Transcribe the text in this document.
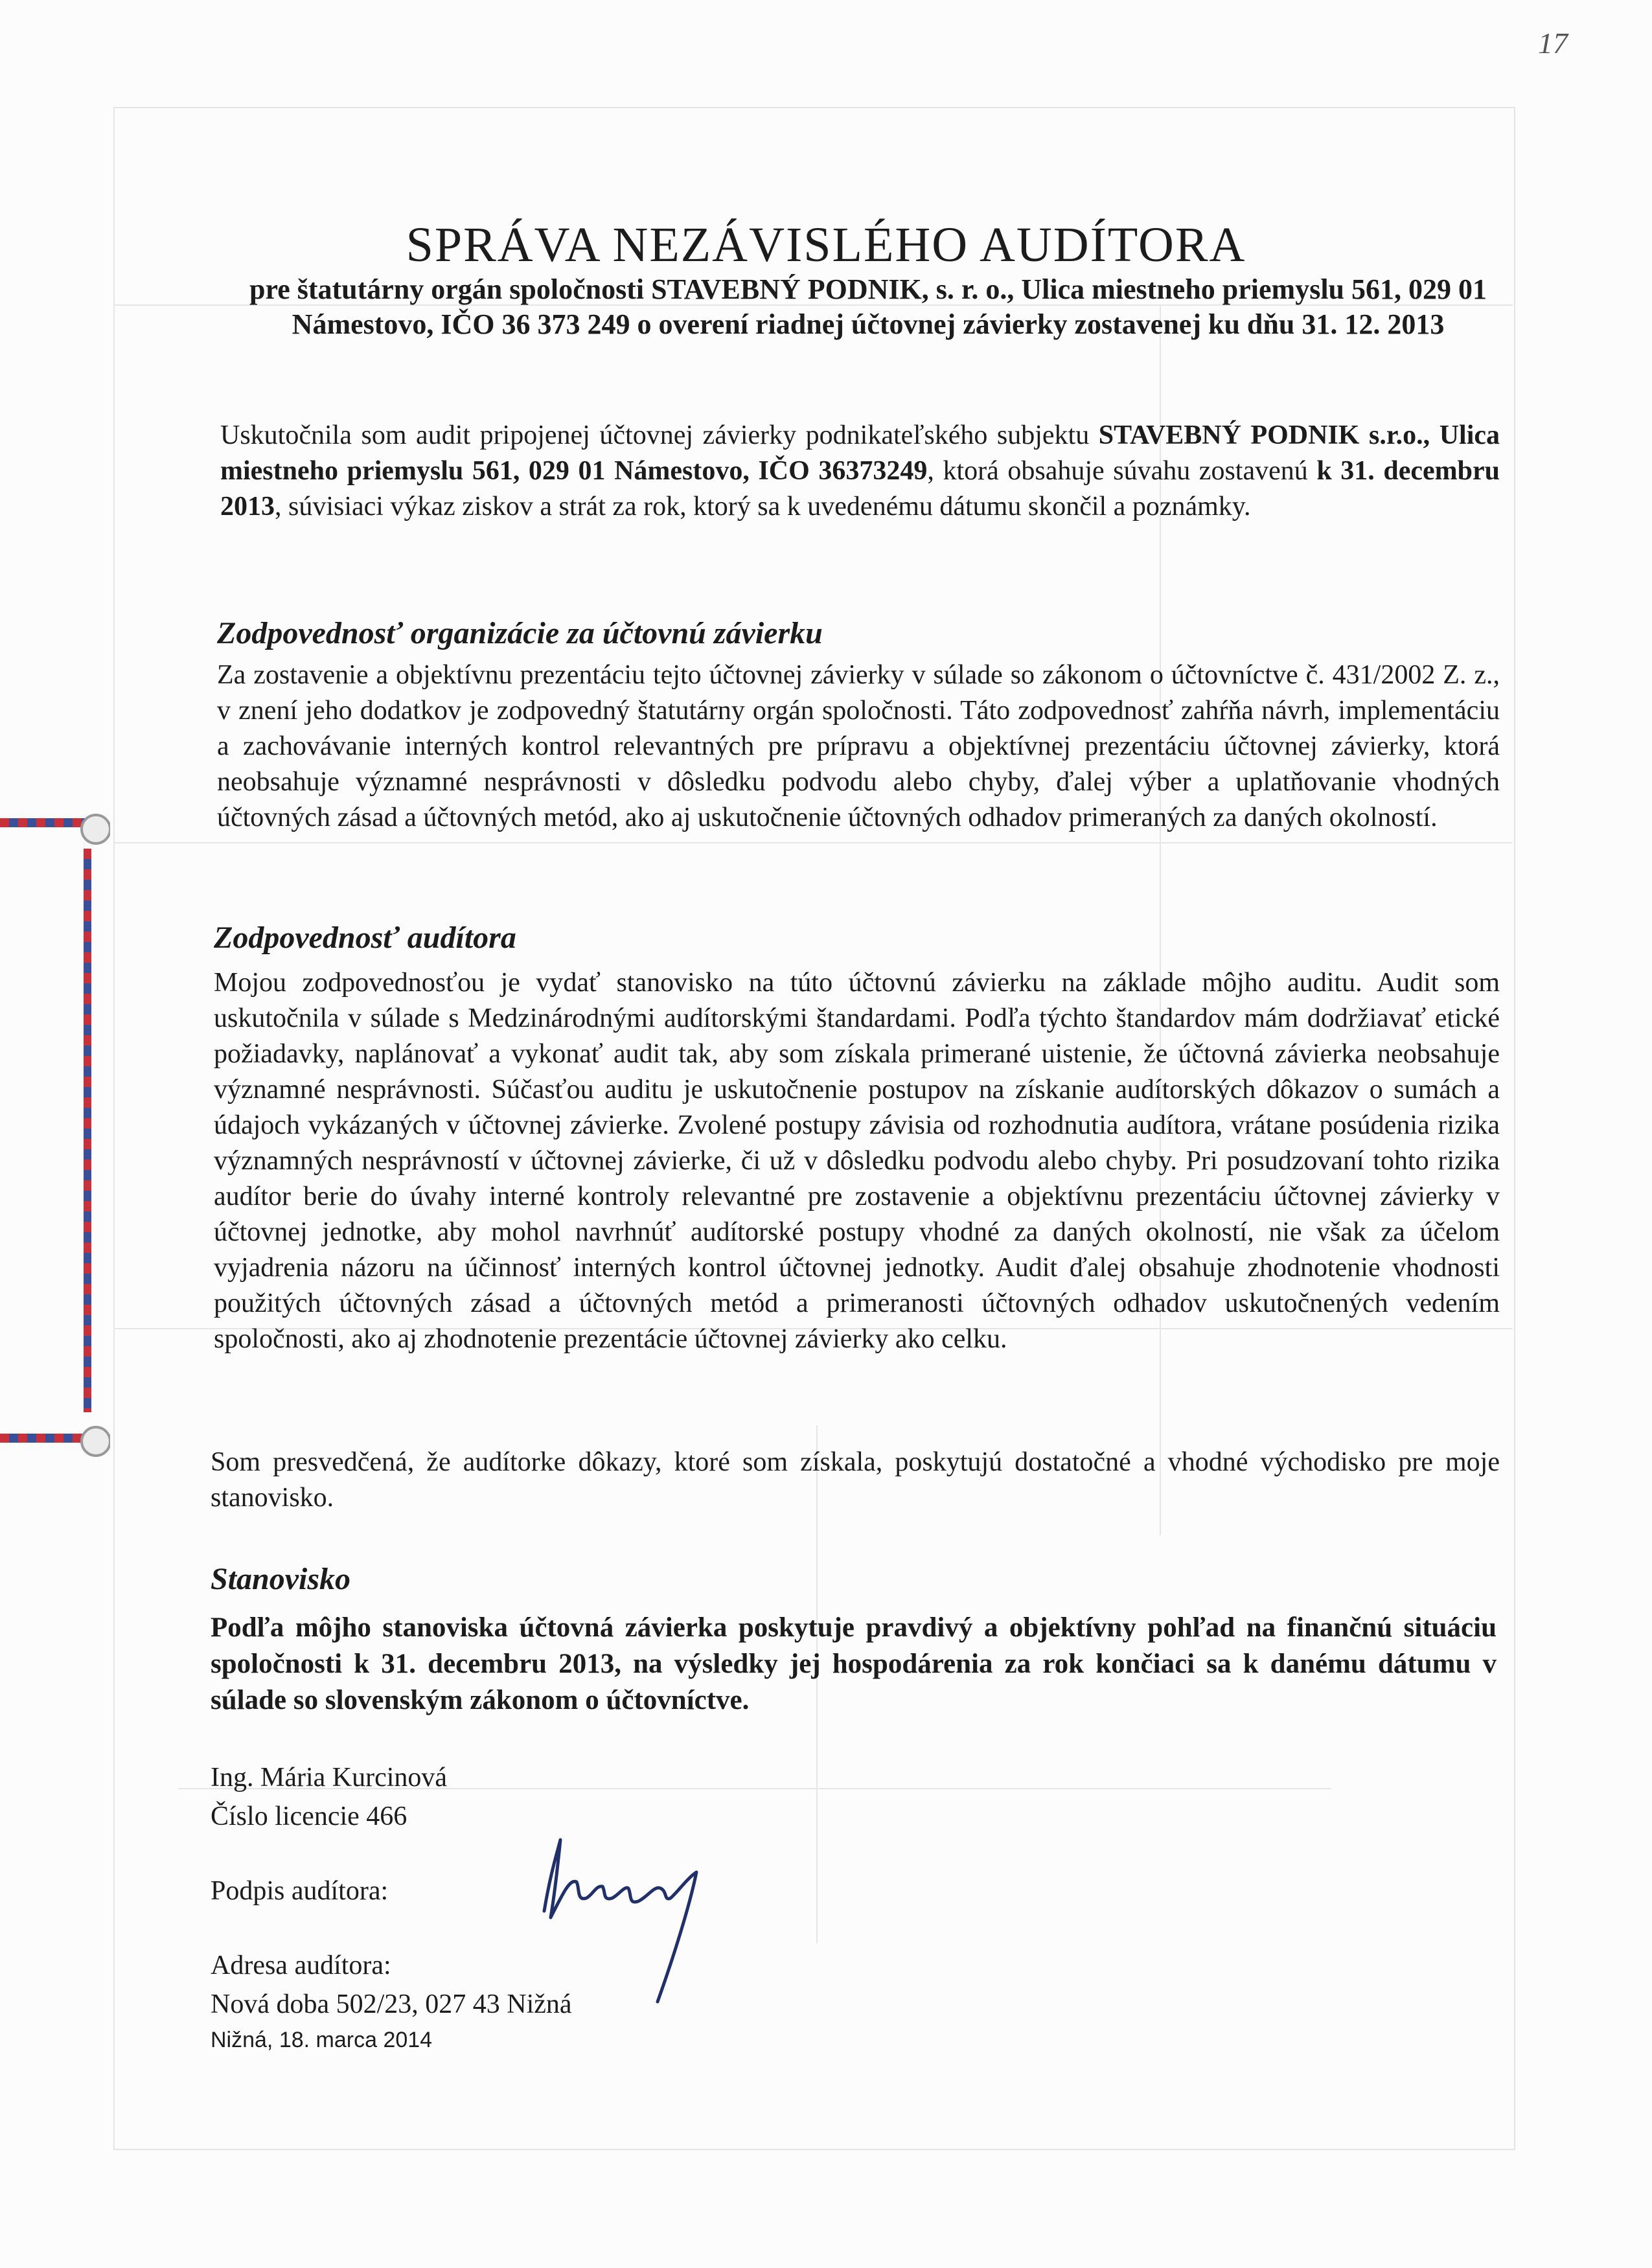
17
SPRÁVA NEZÁVISLÉHO AUDÍTORA
pre štatutárny orgán spoločnosti STAVEBNÝ PODNIK, s. r. o., Ulica miestneho priemyslu 561, 029 01 Námestovo, IČO 36 373 249 o overení riadnej účtovnej závierky zostavenej ku dňu 31. 12. 2013

Uskutočnila som audit pripojenej účtovnej závierky podnikateľského subjektu STAVEBNÝ PODNIK s.r.o., Ulica miestneho priemyslu 561, 029 01 Námestovo, IČO 36373249, ktorá obsahuje súvahu zostavenú k 31. decembru 2013, súvisiaci výkaz ziskov a strát za rok, ktorý sa k uvedenému dátumu skončil a poznámky.

Zodpovednosť organizácie za účtovnú závierku

Za zostavenie a objektívnu prezentáciu tejto účtovnej závierky v súlade so zákonom o účtovníctve č. 431/2002 Z. z., v znení jeho dodatkov je zodpovedný štatutárny orgán spoločnosti. Táto zodpovednosť zahŕňa návrh, implementáciu a zachovávanie interných kontrol relevantných pre prípravu a objektívnej prezentáciu účtovnej závierky, ktorá neobsahuje významné nesprávnosti v dôsledku podvodu alebo chyby, ďalej výber a uplatňovanie vhodných účtovných zásad a účtovných metód, ako aj uskutočnenie účtovných odhadov primeraných za daných okolností.

Zodpovednosť audítora

Mojou zodpovednosťou je vydať stanovisko na túto účtovnú závierku na základe môjho auditu. Audit som uskutočnila v súlade s Medzinárodnými audítorskými štandardami. Podľa týchto štandardov mám dodržiavať etické požiadavky, naplánovať a vykonať audit tak, aby som získala primerané uistenie, že účtovná závierka neobsahuje významné nesprávnosti. Súčasťou auditu je uskutočnenie postupov na získanie audítorských dôkazov o sumách a údajoch vykázaných v účtovnej závierke. Zvolené postupy závisia od rozhodnutia audítora, vrátane posúdenia rizika významných nesprávností v účtovnej závierke, či už v dôsledku podvodu alebo chyby. Pri posudzovaní tohto rizika audítor berie do úvahy interné kontroly relevantné pre zostavenie a objektívnu prezentáciu účtovnej závierky v účtovnej jednotke, aby mohol navrhnúť audítorské postupy vhodné za daných okolností, nie však za účelom vyjadrenia názoru na účinnosť interných kontrol účtovnej jednotky. Audit ďalej obsahuje zhodnotenie vhodnosti použitých účtovných zásad a účtovných metód a primeranosti účtovných odhadov uskutočnených vedením spoločnosti, ako aj zhodnotenie prezentácie účtovnej závierky ako celku.

Som presvedčená, že audítorke dôkazy, ktoré som získala, poskytujú dostatočné a vhodné východisko pre moje stanovisko.

Stanovisko

Podľa môjho stanoviska účtovná závierka poskytuje pravdivý a objektívny pohľad na finančnú situáciu spoločnosti k 31. decembru 2013, na výsledky jej hospodárenia za rok končiaci sa k danému dátumu v súlade so slovenským zákonom o účtovníctve.

Ing. Mária Kurcinová
Číslo licencie 466
Podpis audítora:
Adresa audítora:
Nová doba 502/23, 027 43 Nižná
Nižná, 18. marca 2014
